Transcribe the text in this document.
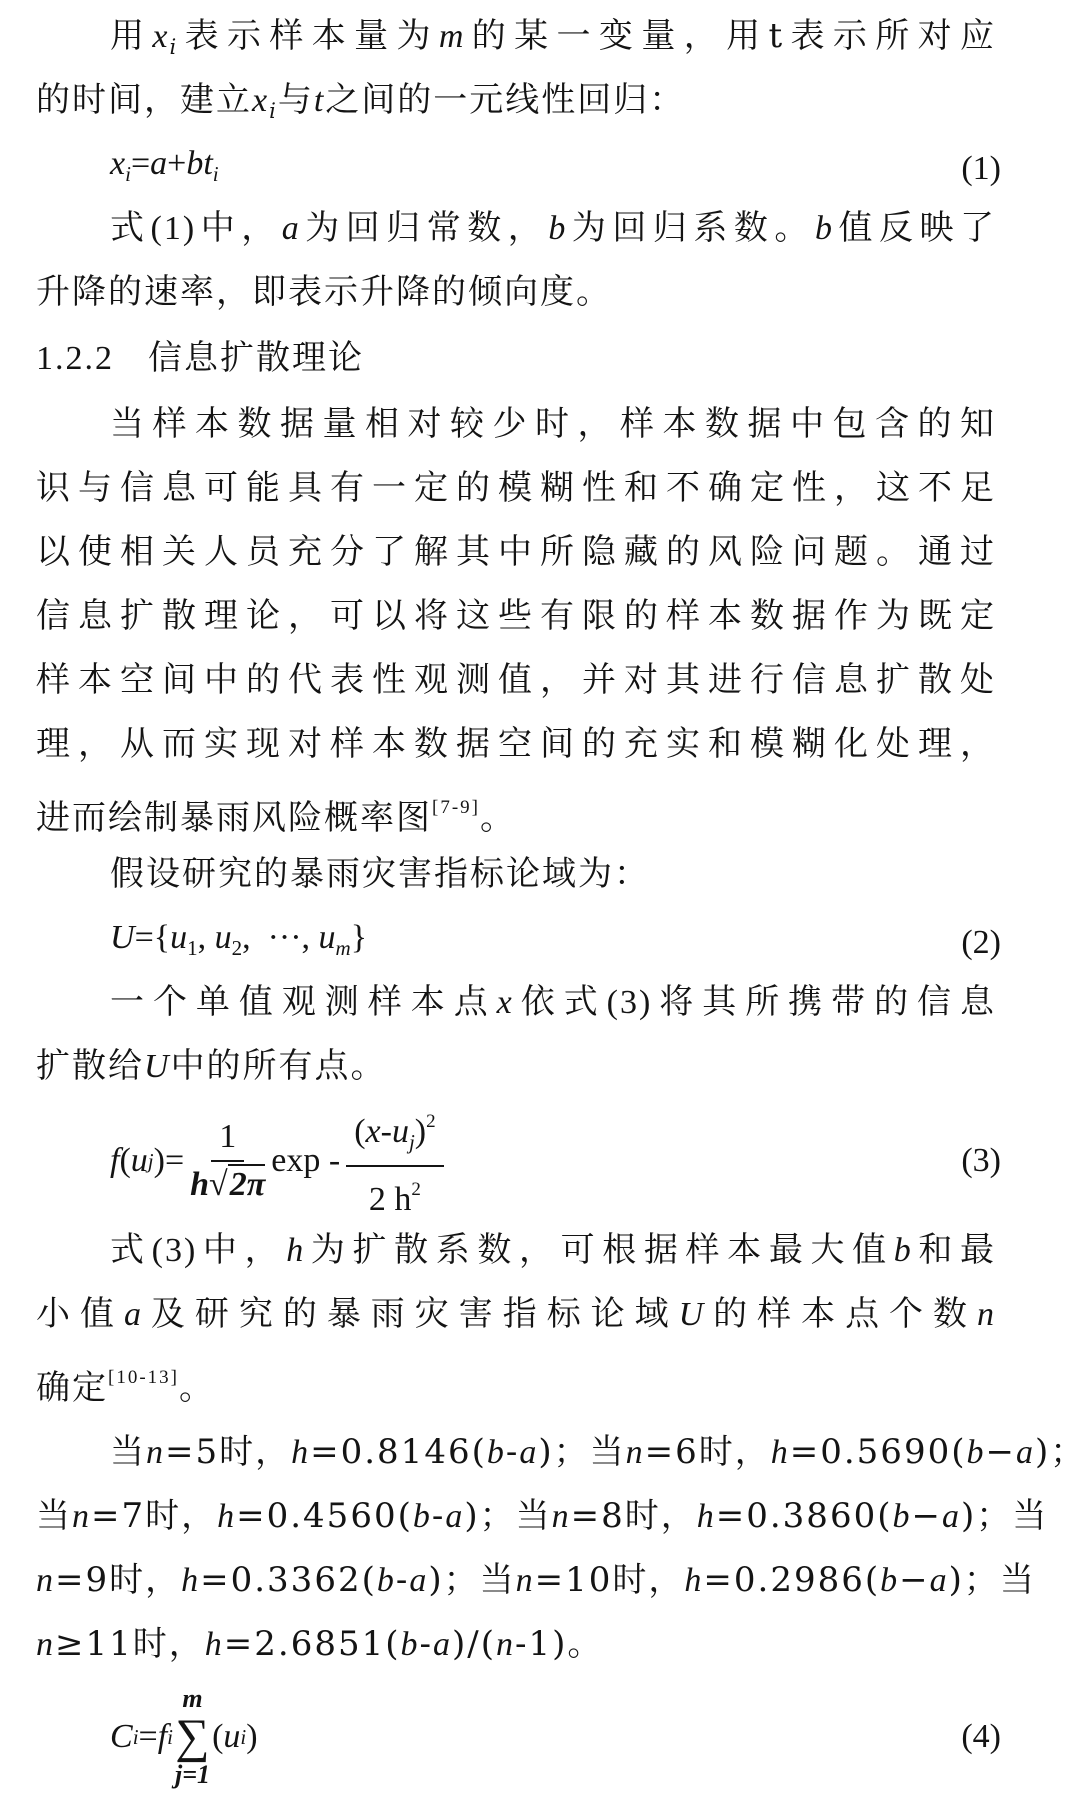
用$x_i$表示样本量为m的某一变量，用t表示所对应
的时间，建立$x_i$与t之间的一元线性回归：
$x_i=a+bt_i$	(1)
式(1)中，a为回归常数，b为回归系数。b值反映了
升降的速率，即表示升降的倾向度。
1.2.2 信息扩散理论
当样本数据量相对较少时，样本数据中包含的知
识与信息可能具有一定的模糊性和不确定性，这不足
以使相关人员充分了解其中所隐藏的风险问题。通过
信息扩散理论，可以将这些有限的样本数据作为既定
样本空间中的代表性观测值，并对其进行信息扩散处
理，从而实现对样本数据空间的充实和模糊化处理，
进而绘制暴雨风险概率图[7-9]。
假设研究的暴雨灾害指标论域为：
$U=\{u_1$, $u_2$,  ···, $u_m$}	(2)
一个单值观测样本点x依式(3)将其所携带的信息
扩散给U中的所有点。
f ( u j )= $\frac{1}{h√2\pi}$ exp - $\frac{(x-u_j)^2}{2 h^2}$	(3)
式(3)中，h为扩散系数，可根据样本最大值b和最
小值a及研究的暴雨灾害指标论域U的样本点个数n
确定[10-13]。
当n=5时，h=0.8146(b-a)；当n=6时，h=0.5690(b−a)；
当n=7时，h=0.4560(b-a)；当n=8时，h=0.3860(b−a)；当
n=9时，h=0.3362(b-a)；当n=10时，h=0.2986(b−a)；当
n≥11时，h=2.6851(b-a)/(n-1)。
C i = f i
m
∑
j=1
( u i )	(4)
